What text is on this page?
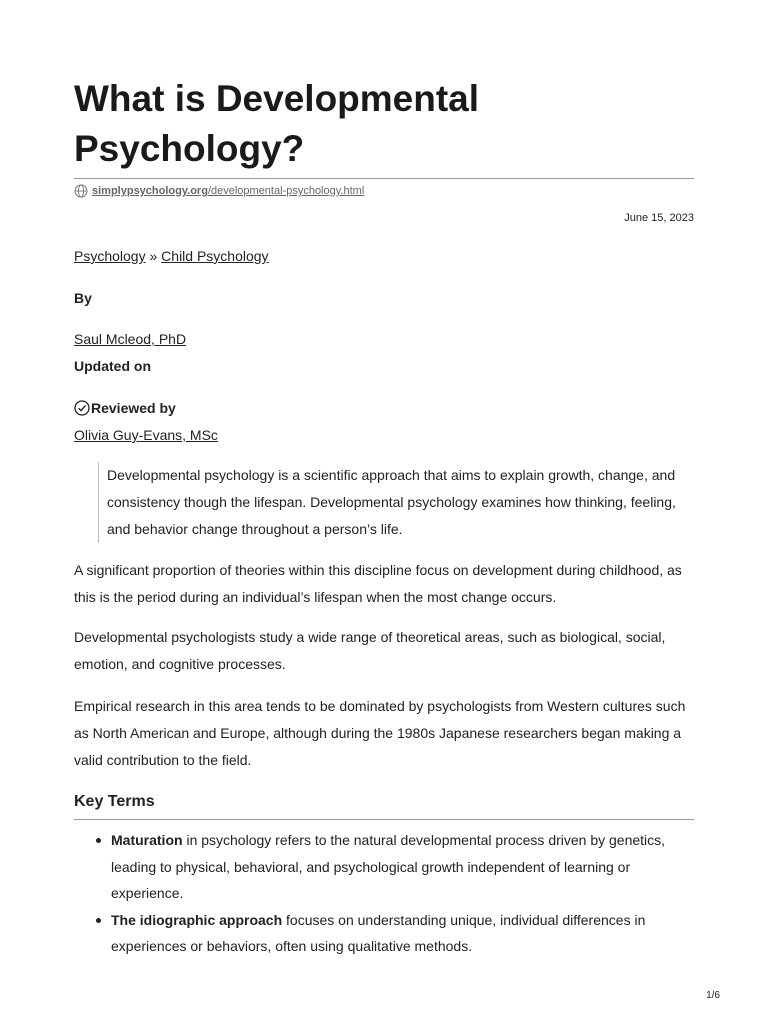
What is Developmental Psychology?
simplypsychology.org/developmental-psychology.html
June 15, 2023
Psychology » Child Psychology
By
Saul Mcleod, PhD
Updated on
Reviewed by
Olivia Guy-Evans, MSc
Developmental psychology is a scientific approach that aims to explain growth, change, and consistency though the lifespan. Developmental psychology examines how thinking, feeling, and behavior change throughout a person’s life.

A significant proportion of theories within this discipline focus on development during childhood, as this is the period during an individual’s lifespan when the most change occurs.

Developmental psychologists study a wide range of theoretical areas, such as biological, social, emotion, and cognitive processes.

Empirical research in this area tends to be dominated by psychologists from Western cultures such as North American and Europe, although during the 1980s Japanese researchers began making a valid contribution to the field.

Key Terms
Maturation in psychology refers to the natural developmental process driven by genetics, leading to physical, behavioral, and psychological growth independent of learning or experience.
The idiographic approach focuses on understanding unique, individual differences in experiences or behaviors, often using qualitative methods.
1/6
